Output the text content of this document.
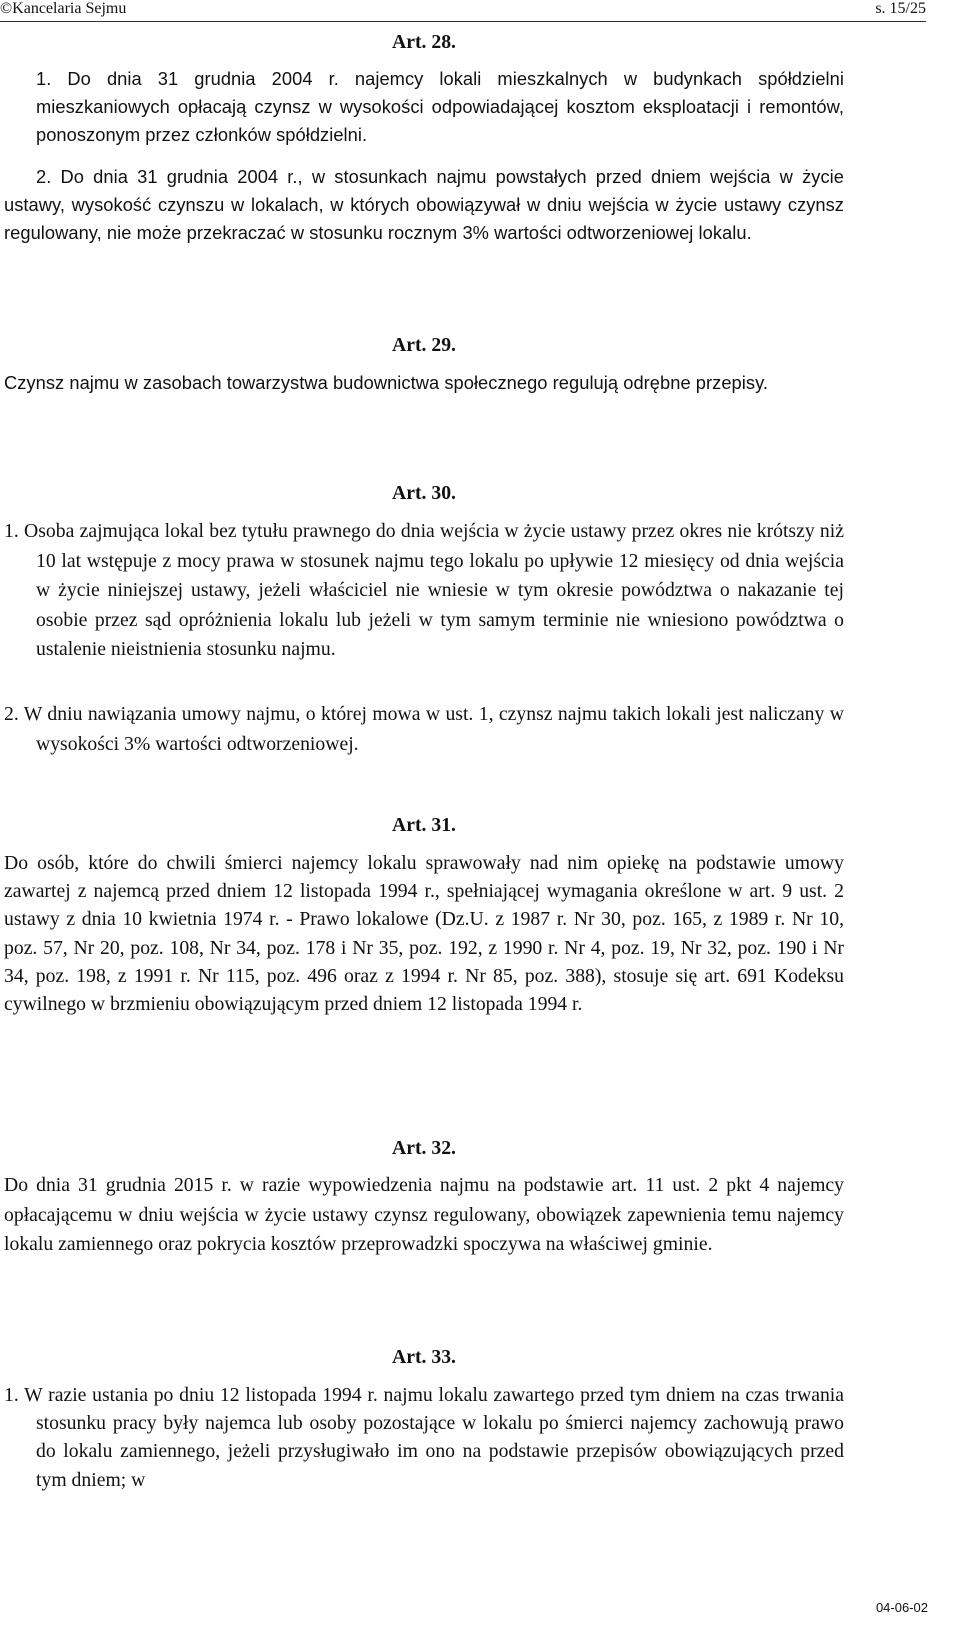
©Kancelaria Sejmu	s. 15/25
Art. 28.

1. Do dnia 31 grudnia 2004 r. najemcy lokali mieszkalnych w budynkach spółdzielni mieszkaniowych opłacają czynsz w wysokości odpowiadającej kosztom eksploatacji i remontów, ponoszonym przez członków spółdzielni.

2. Do dnia 31 grudnia 2004 r., w stosunkach najmu powstałych przed dniem wejścia w życie ustawy, wysokość czynszu w lokalach, w których obowiązywał w dniu wejścia w życie ustawy czynsz regulowany, nie może przekraczać w stosunku rocznym 3% wartości odtworzeniowej lokalu.

Art. 29.

Czynsz najmu w zasobach towarzystwa budownictwa społecznego regulują odrębne przepisy.

Art. 30.

1. Osoba zajmująca lokal bez tytułu prawnego do dnia wejścia w życie ustawy przez okres nie krótszy niż 10 lat wstępuje z mocy prawa w stosunek najmu tego lokalu po upływie 12 miesięcy od dnia wejścia w życie niniejszej ustawy, jeżeli właściciel nie wniesie w tym okresie powództwa o nakazanie tej osobie przez sąd opróżnienia lokalu lub jeżeli w tym samym terminie nie wniesiono powództwa o ustalenie nieistnienia stosunku najmu.

2. W dniu nawiązania umowy najmu, o której mowa w ust. 1, czynsz najmu takich lokali jest naliczany w wysokości 3% wartości odtworzeniowej.

Art. 31.

Do osób, które do chwili śmierci najemcy lokalu sprawowały nad nim opiekę na podstawie umowy zawartej z najemcą przed dniem 12 listopada 1994 r., spełniającej wymagania określone w art. 9 ust. 2 ustawy z dnia 10 kwietnia 1974 r. - Prawo lokalowe (Dz.U. z 1987 r. Nr 30, poz. 165, z 1989 r. Nr 10, poz. 57, Nr 20, poz. 108, Nr 34, poz. 178 i Nr 35, poz. 192, z 1990 r. Nr 4, poz. 19, Nr 32, poz. 190 i Nr 34, poz. 198, z 1991 r. Nr 115, poz. 496 oraz z 1994 r. Nr 85, poz. 388), stosuje się art. 691 Kodeksu cywilnego w brzmieniu obowiązującym przed dniem 12 listopada 1994 r.

Art. 32.

Do dnia 31 grudnia 2015 r. w razie wypowiedzenia najmu na podstawie art. 11 ust. 2 pkt 4 najemcy opłacającemu w dniu wejścia w życie ustawy czynsz regulowany, obowiązek zapewnienia temu najemcy lokalu zamiennego oraz pokrycia kosztów przeprowadzki spoczywa na właściwej gminie.

Art. 33.

1. W razie ustania po dniu 12 listopada 1994 r. najmu lokalu zawartego przed tym dniem na czas trwania stosunku pracy były najemca lub osoby pozostające w lokalu po śmierci najemcy zachowują prawo do lokalu zamiennego, jeżeli przysługiwało im ono na podstawie przepisów obowiązujących przed tym dniem; w

04-06-02
